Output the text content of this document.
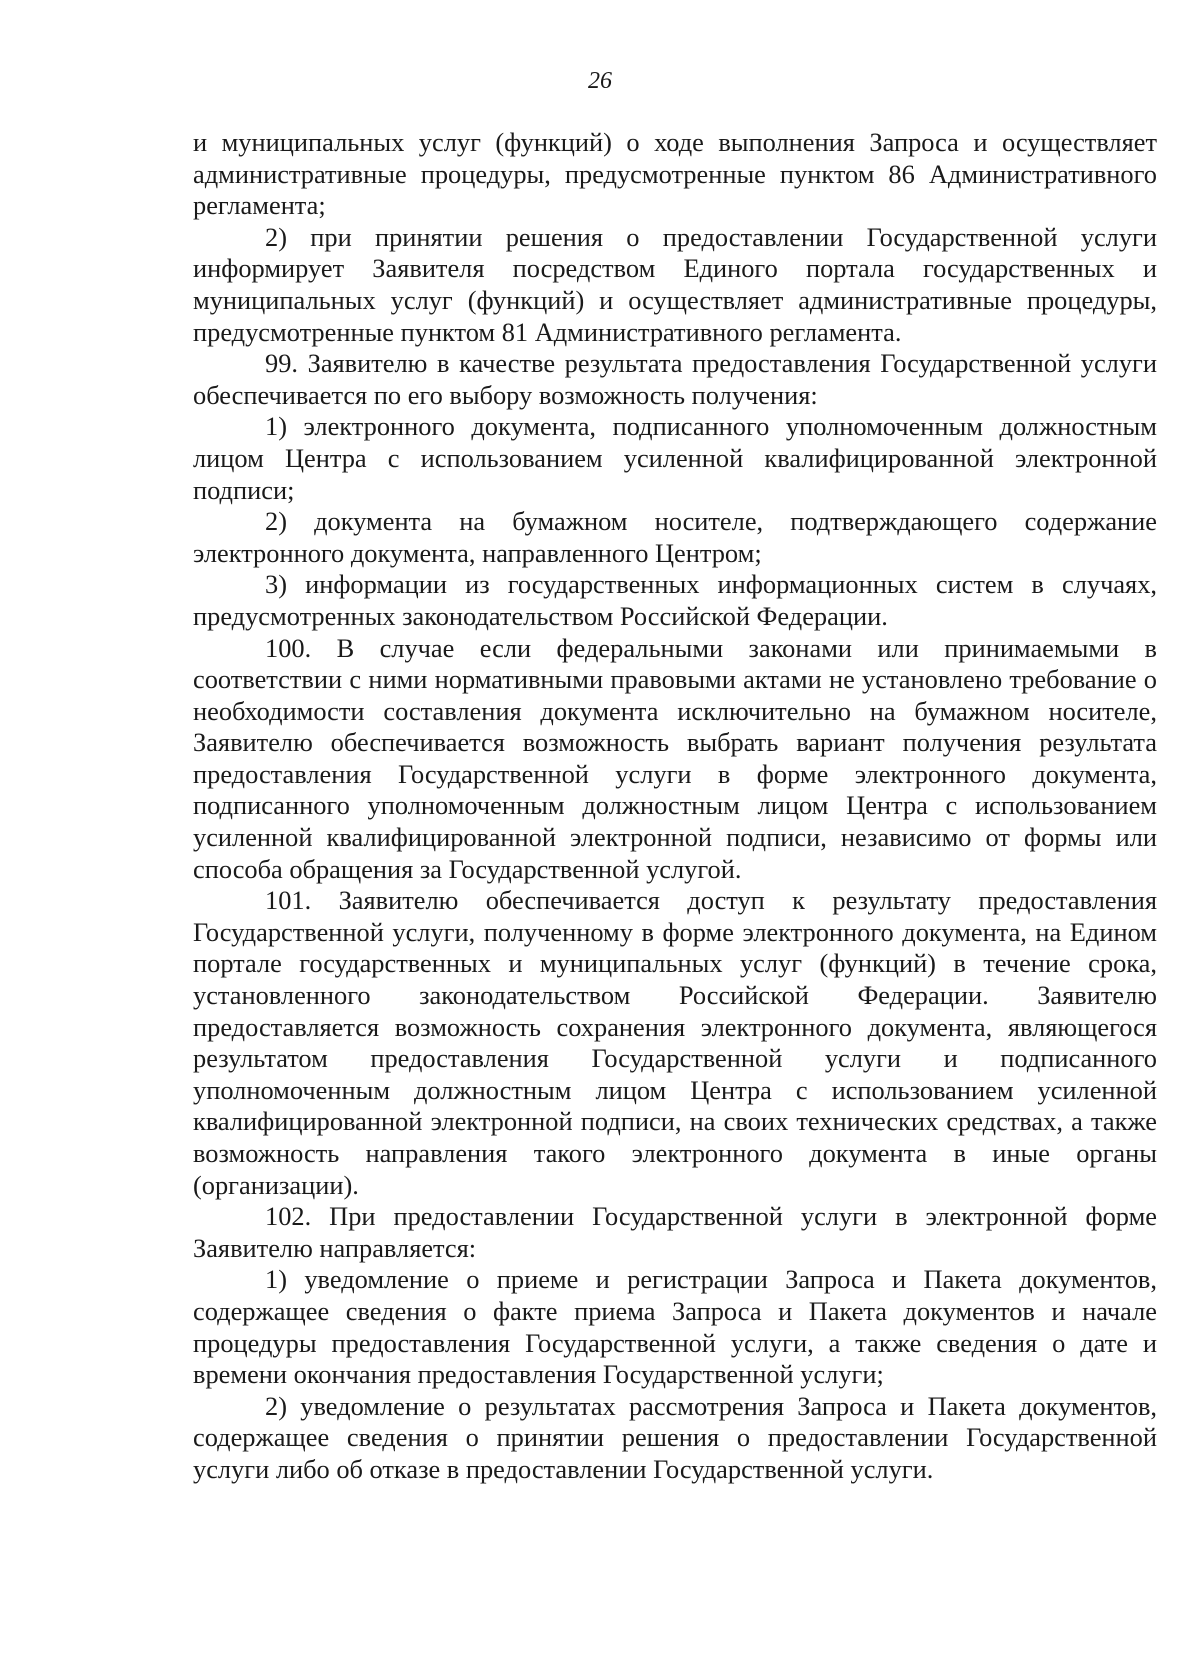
26

и муниципальных услуг (функций) о ходе выполнения Запроса и осуществляет административные процедуры, предусмотренные пунктом 86 Административного регламента;

2) при принятии решения о предоставлении Государственной услуги информирует Заявителя посредством Единого портала государственных и муниципальных услуг (функций) и осуществляет административные процедуры, предусмотренные пунктом 81 Административного регламента.

99. Заявителю в качестве результата предоставления Государственной услуги обеспечивается по его выбору возможность получения:

1) электронного документа, подписанного уполномоченным должностным лицом Центра с использованием усиленной квалифицированной электронной подписи;

2) документа на бумажном носителе, подтверждающего содержание электронного документа, направленного Центром;

3) информации из государственных информационных систем в случаях, предусмотренных законодательством Российской Федерации.

100. В случае если федеральными законами или принимаемыми в соответствии с ними нормативными правовыми актами не установлено требование о необходимости составления документа исключительно на бумажном носителе, Заявителю обеспечивается возможность выбрать вариант получения результата предоставления Государственной услуги в форме электронного документа, подписанного уполномоченным должностным лицом Центра с использованием усиленной квалифицированной электронной подписи, независимо от формы или способа обращения за Государственной услугой.

101. Заявителю обеспечивается доступ к результату предоставления Государственной услуги, полученному в форме электронного документа, на Едином портале государственных и муниципальных услуг (функций) в течение срока, установленного законодательством Российской Федерации. Заявителю предоставляется возможность сохранения электронного документа, являющегося результатом предоставления Государственной услуги и подписанного уполномоченным должностным лицом Центра с использованием усиленной квалифицированной электронной подписи, на своих технических средствах, а также возможность направления такого электронного документа в иные органы (организации).

102. При предоставлении Государственной услуги в электронной форме Заявителю направляется:

1) уведомление о приеме и регистрации Запроса и Пакета документов, содержащее сведения о факте приема Запроса и Пакета документов и начале процедуры предоставления Государственной услуги, а также сведения о дате и времени окончания предоставления Государственной услуги;

2) уведомление о результатах рассмотрения Запроса и Пакета документов, содержащее сведения о принятии решения о предоставлении Государственной услуги либо об отказе в предоставлении Государственной услуги.
